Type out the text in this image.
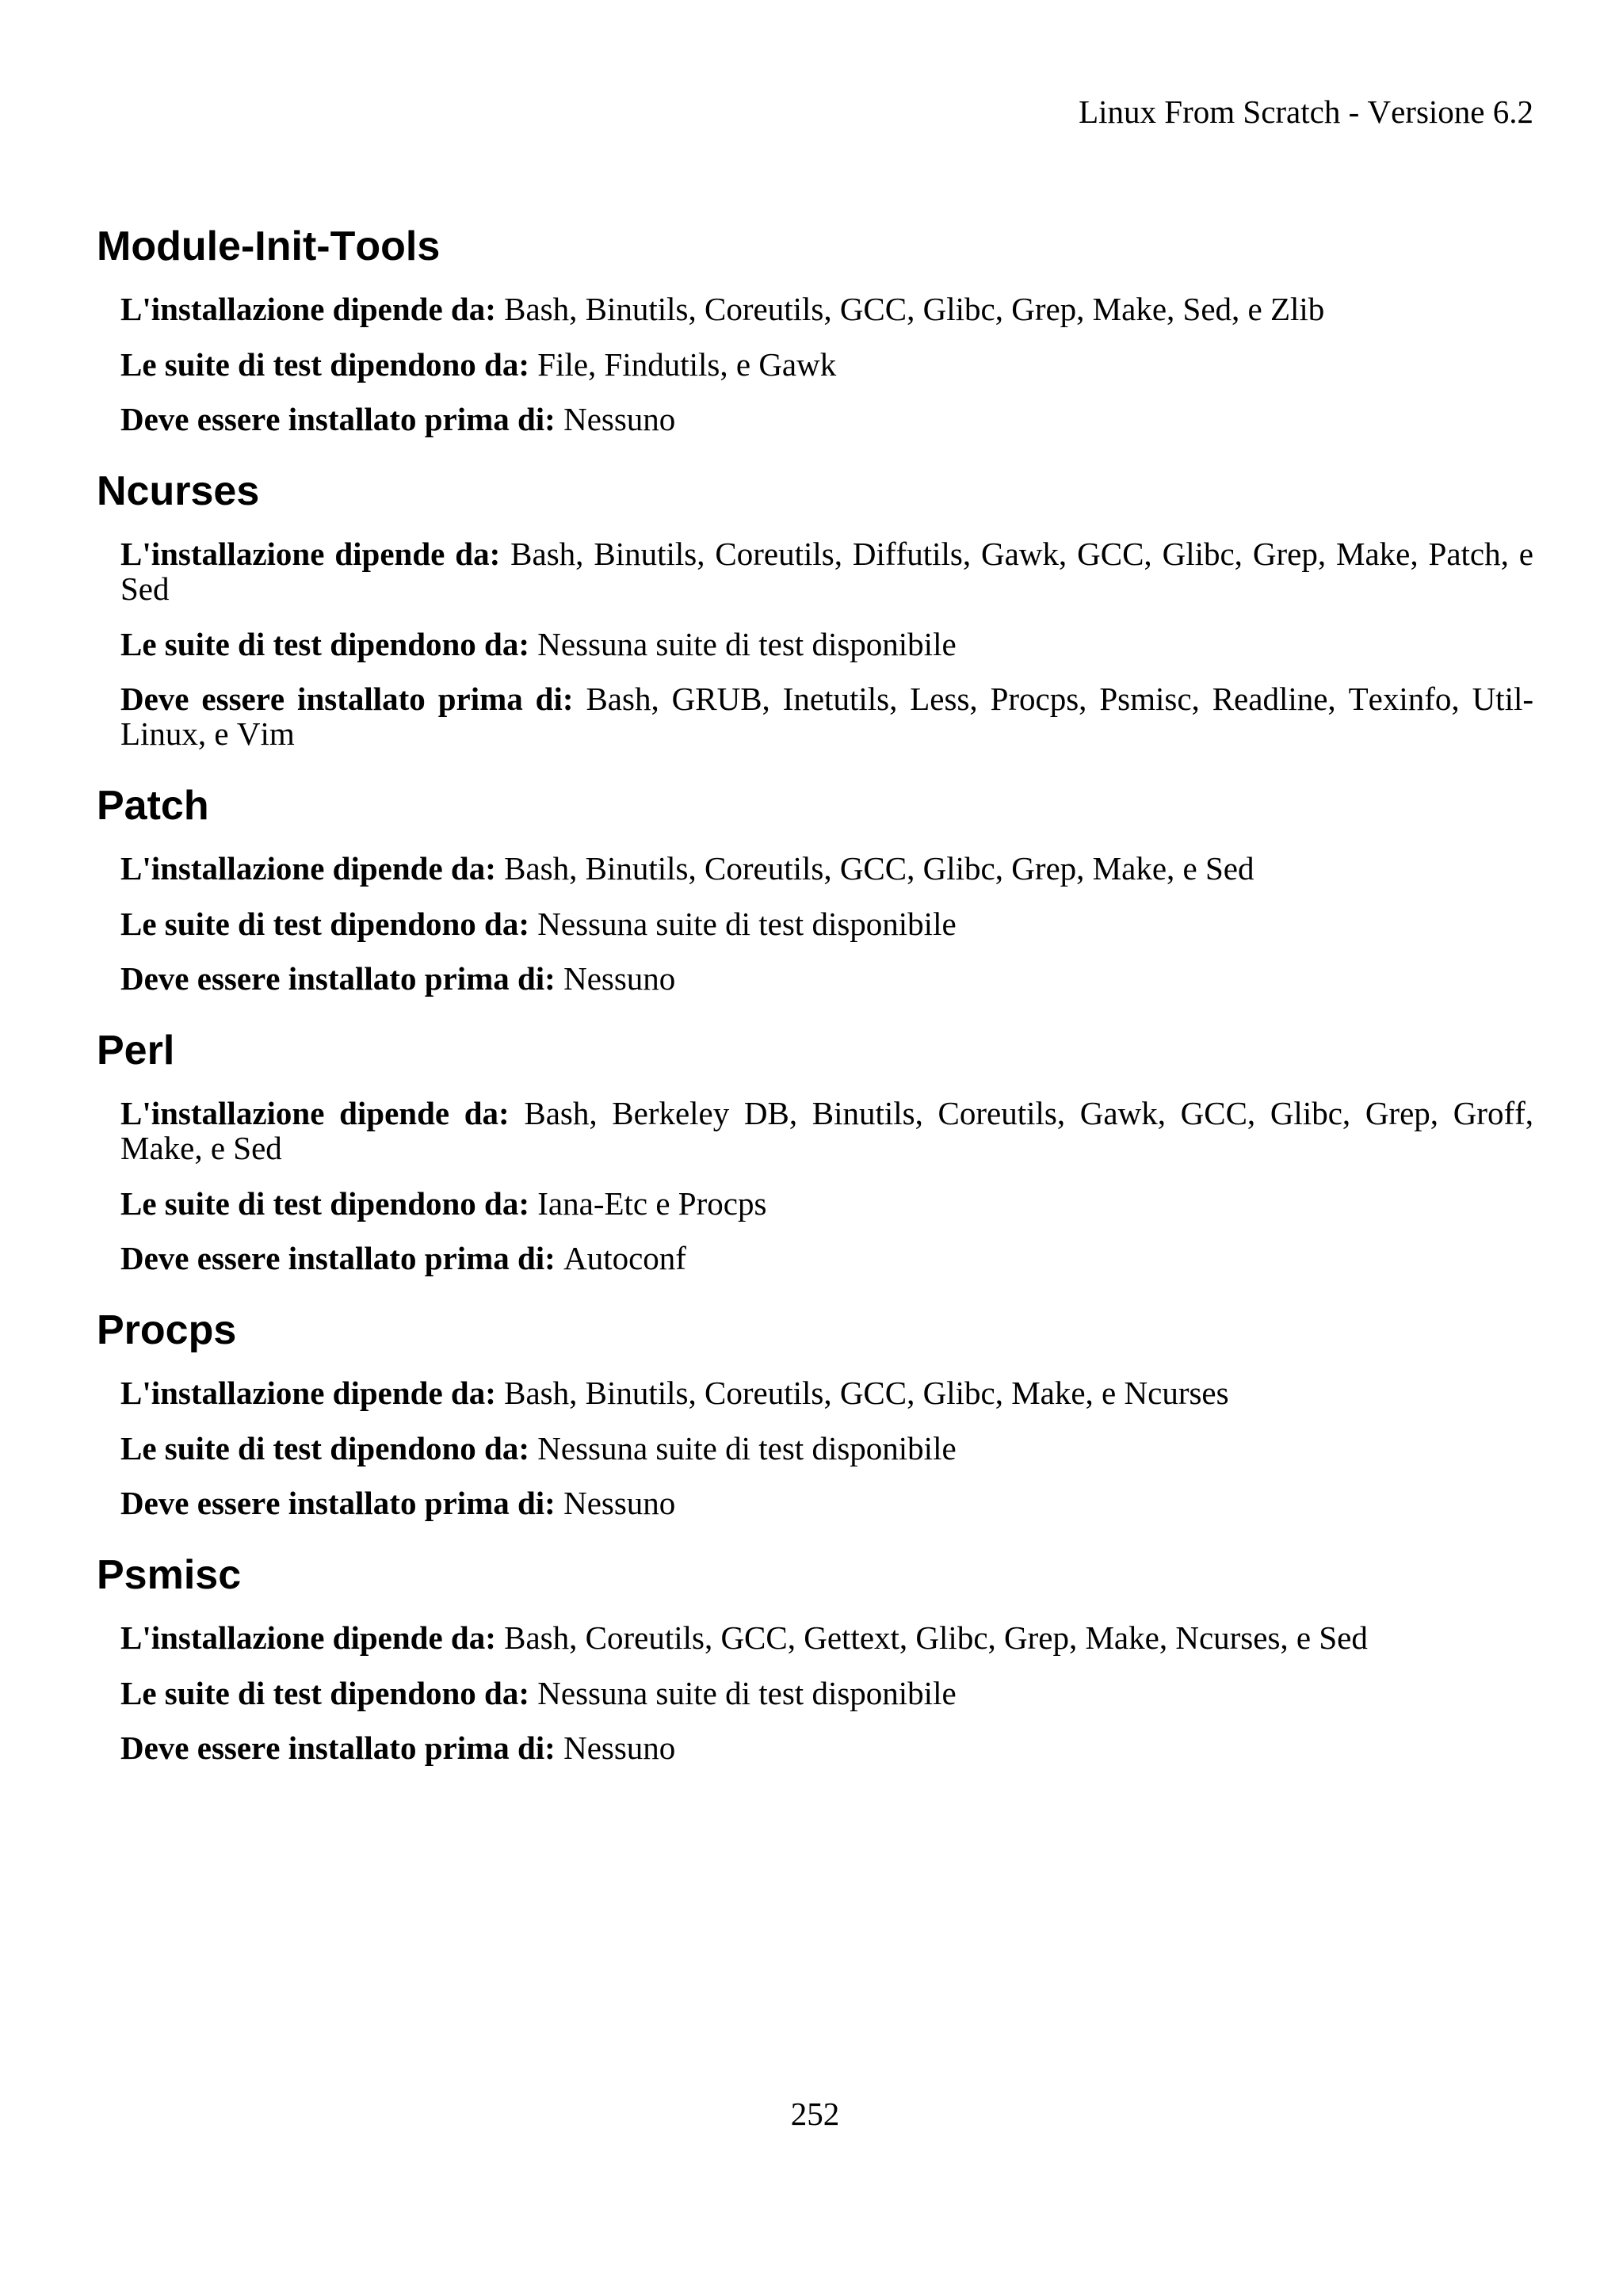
Linux From Scratch - Versione 6.2
Module-Init-Tools

L'installazione dipende da: Bash, Binutils, Coreutils, GCC, Glibc, Grep, Make, Sed, e Zlib

Le suite di test dipendono da: File, Findutils, e Gawk

Deve essere installato prima di: Nessuno

Ncurses

L'installazione dipende da: Bash, Binutils, Coreutils, Diffutils, Gawk, GCC, Glibc, Grep, Make, Patch, e Sed

Le suite di test dipendono da: Nessuna suite di test disponibile

Deve essere installato prima di: Bash, GRUB, Inetutils, Less, Procps, Psmisc, Readline, Texinfo, Util-Linux, e Vim

Patch

L'installazione dipende da: Bash, Binutils, Coreutils, GCC, Glibc, Grep, Make, e Sed

Le suite di test dipendono da: Nessuna suite di test disponibile

Deve essere installato prima di: Nessuno

Perl

L'installazione dipende da: Bash, Berkeley DB, Binutils, Coreutils, Gawk, GCC, Glibc, Grep, Groff, Make, e Sed

Le suite di test dipendono da: Iana-Etc e Procps

Deve essere installato prima di: Autoconf

Procps

L'installazione dipende da: Bash, Binutils, Coreutils, GCC, Glibc, Make, e Ncurses

Le suite di test dipendono da: Nessuna suite di test disponibile

Deve essere installato prima di: Nessuno

Psmisc

L'installazione dipende da: Bash, Coreutils, GCC, Gettext, Glibc, Grep, Make, Ncurses, e Sed

Le suite di test dipendono da: Nessuna suite di test disponibile

Deve essere installato prima di: Nessuno

252
